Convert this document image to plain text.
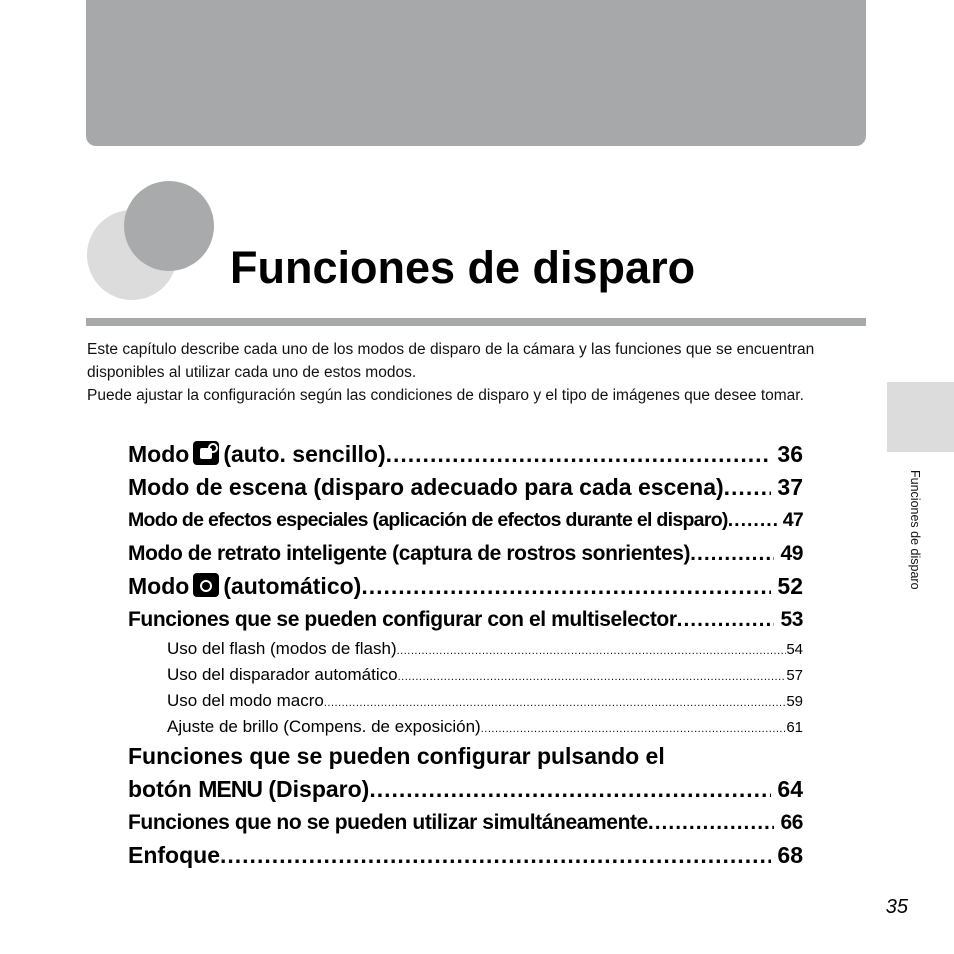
Funciones de disparo

Este capítulo describe cada uno de los modos de disparo de la cámara y las funciones que se encuentran disponibles al utilizar cada uno de estos modos.

Puede ajustar la configuración según las condiciones de disparo y el tipo de imágenes que desee tomar.

Funciones de disparo
Modo (auto. sencillo) .....	36
Modo de escena (disparo adecuado para cada escena) ..... 37
Modo de efectos especiales (aplicación de efectos durante el disparo) .....	47
Modo de retrato inteligente (captura de rostros sonrientes) .....	49
Modo (automático) .....	52
Funciones que se pueden configurar con el multiselector .....	53
Uso del flash (modos de flash) .....	54
Uso del disparador automático .....	57
Uso del modo macro .....	59
Ajuste de brillo (Compens. de exposición) .....	61
Funciones que se pueden configurar pulsando el
botón MENU (Disparo) .....	64
Funciones que no se pueden utilizar simultáneamente .....	66
Enfoque .....	68
35
